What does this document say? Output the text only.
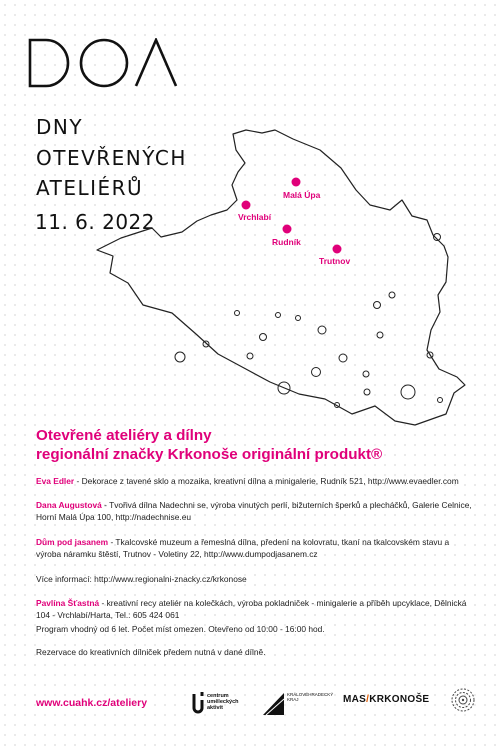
DNY
OTEVŘENÝCH
ATELIÉRŮ
11. 6. 2022
Malá Úpa
Vrchlabí
Rudník
Trutnov
Otevřené ateliéry a dílny
regionální značky Krkonoše originální produkt®
Eva Edler - Dekorace z tavené sklo a mozaika, kreativní dílna a minigalerie, Rudník 521, http://www.evaedler.com
Dana Augustová - Tvořivá dílna Nadechni se, výroba vinutých perlí, bižuterních šperků a plecháčků, Galerie Celnice, Horní Malá Úpa 100, http://nadechnise.eu
Dům pod jasanem - Tkalcovské muzeum a řemeslná dílna, předení na kolovratu, tkaní na tkalcovském stavu a výroba náramku štěstí, Trutnov - Voletiny 22, http://www.dumpodjasanem.cz
Více informací: http://www.regionalni-znacky.cz/krkonose
Pavlína Šťastná - kreativní recy ateliér na kolečkách, výroba pokladniček - minigalerie a příběh upcyklace, Dělnická 104 - Vrchlabí/Harta, Tel.: 605 424 061
Program vhodný od 6 let. Počet míst omezen. Otevřeno od 10:00 - 16:00 hod.
Rezervace do kreativních dílniček předem nutná v dané dílně.
www.cuahk.cz/ateliery
centrum
uměleckých
aktivit
KRÁLOVÉHRADECKÝ
KRAJ	MAS/KRKONOŠE
